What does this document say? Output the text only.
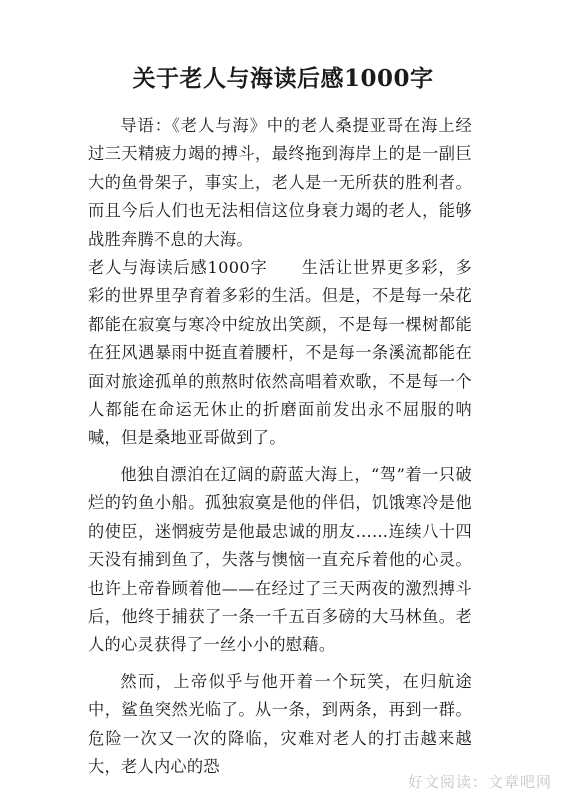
关于老人与海读后感1000字

导语：《老人与海》中的老人桑提亚哥在海上经过三天精疲力竭的搏斗，最终拖到海岸上的是一副巨大的鱼骨架子，事实上，老人是一无所获的胜利者。而且今后人们也无法相信这位身衰力竭的老人，能够战胜奔腾不息的大海。

老人与海读后感1000字　　生活让世界更多彩，多彩的世界里孕育着多彩的生活。但是，不是每一朵花都能在寂寞与寒冷中绽放出笑颜，不是每一棵树都能在狂风遇暴雨中挺直着腰杆，不是每一条溪流都能在面对旅途孤单的煎熬时依然高唱着欢歌，不是每一个人都能在命运无休止的折磨面前发出永不屈服的呐喊，但是桑地亚哥做到了。

他独自漂泊在辽阔的蔚蓝大海上，“驾”着一只破烂的钓鱼小船。孤独寂寞是他的伴侣，饥饿寒冷是他的使臣，迷惘疲劳是他最忠诚的朋友……连续八十四天没有捕到鱼了，失落与懊恼一直充斥着他的心灵。也许上帝眷顾着他——在经过了三天两夜的激烈搏斗后，他终于捕获了一条一千五百多磅的大马林鱼。老人的心灵获得了一丝小小的慰藉。

然而，上帝似乎与他开着一个玩笑，在归航途中，鲨鱼突然光临了。从一条，到两条，再到一群。危险一次又一次的降临，灾难对老人的打击越来越大，老人内心的恐

好文阅读：文章吧网
